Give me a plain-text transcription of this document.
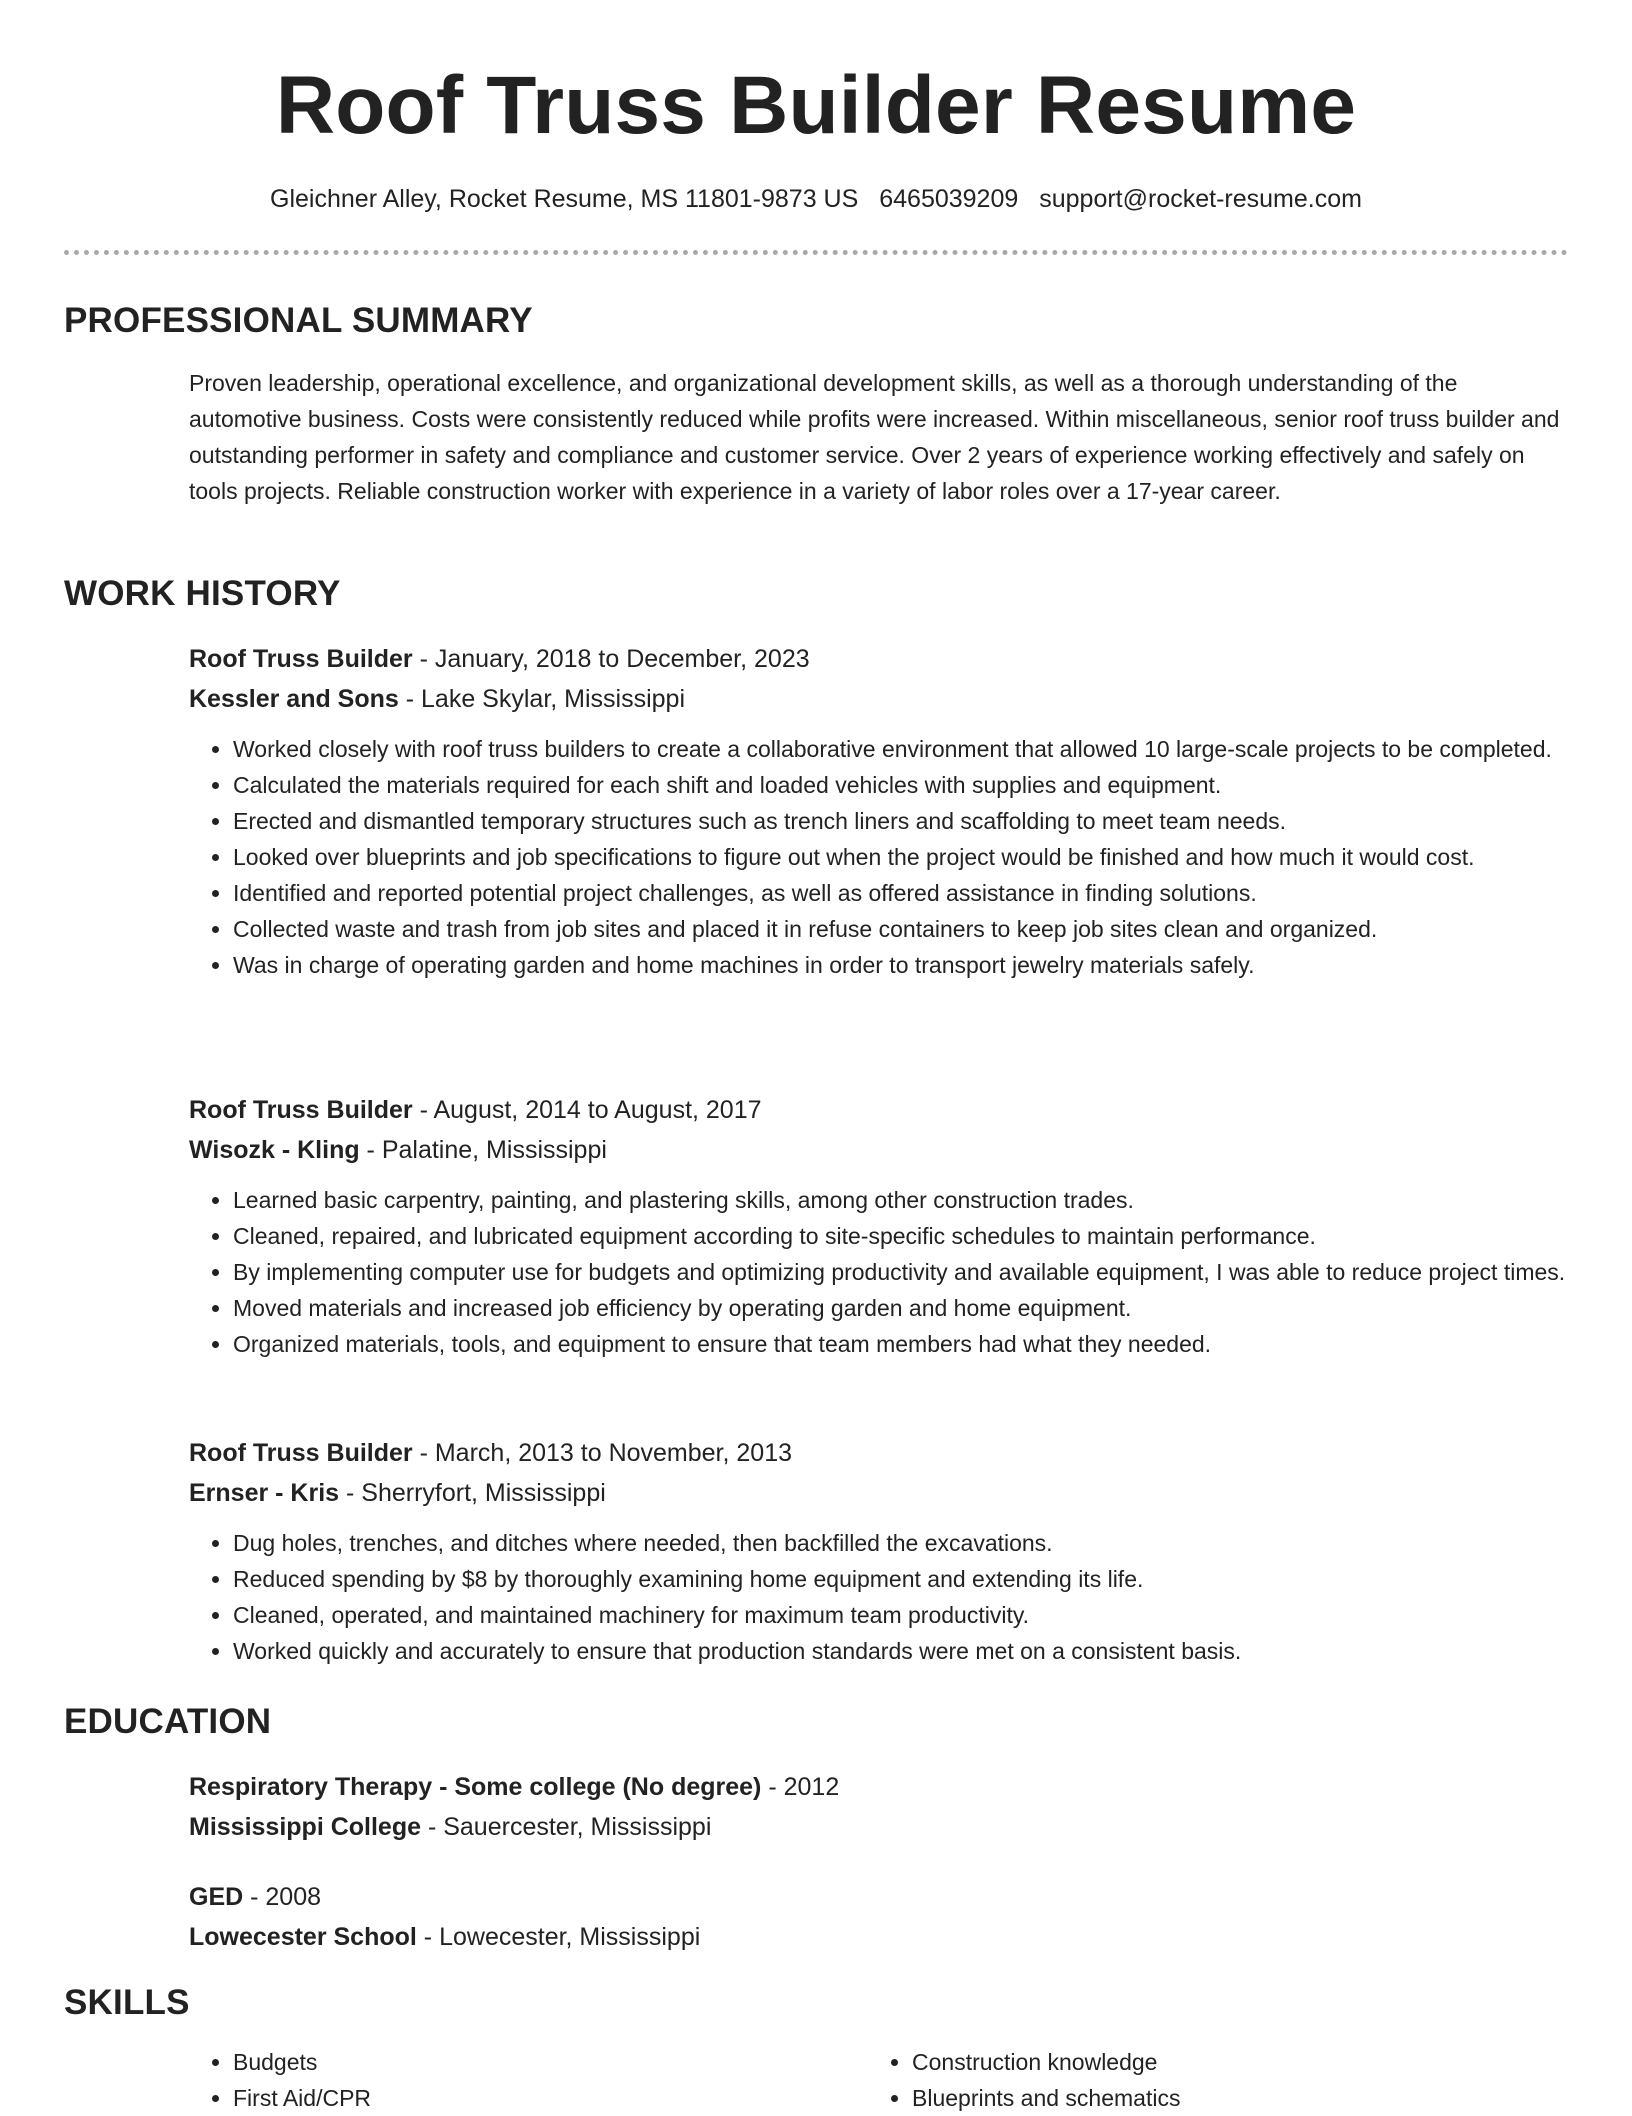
Roof Truss Builder Resume
Gleichner Alley, Rocket Resume, MS 11801-9873 US 6465039209 support@rocket-resume.com
PROFESSIONAL SUMMARY

Proven leadership, operational excellence, and organizational development skills, as well as a thorough understanding of the automotive business. Costs were consistently reduced while profits were increased. Within miscellaneous, senior roof truss builder and outstanding performer in safety and compliance and customer service. Over 2 years of experience working effectively and safely on tools projects. Reliable construction worker with experience in a variety of labor roles over a 17-year career.

WORK HISTORY
Roof Truss Builder - January, 2018 to December, 2023
Kessler and Sons - Lake Skylar, Mississippi
• Worked closely with roof truss builders to create a collaborative environment that allowed 10 large-scale projects to be completed.
• Calculated the materials required for each shift and loaded vehicles with supplies and equipment.
• Erected and dismantled temporary structures such as trench liners and scaffolding to meet team needs.
• Looked over blueprints and job specifications to figure out when the project would be finished and how much it would cost.
• Identified and reported potential project challenges, as well as offered assistance in finding solutions.
• Collected waste and trash from job sites and placed it in refuse containers to keep job sites clean and organized.
• Was in charge of operating garden and home machines in order to transport jewelry materials safely.
Roof Truss Builder - August, 2014 to August, 2017
Wisozk - Kling - Palatine, Mississippi
• Learned basic carpentry, painting, and plastering skills, among other construction trades.
• Cleaned, repaired, and lubricated equipment according to site-specific schedules to maintain performance.
• By implementing computer use for budgets and optimizing productivity and available equipment, I was able to reduce project times.
• Moved materials and increased job efficiency by operating garden and home equipment.
• Organized materials, tools, and equipment to ensure that team members had what they needed.
Roof Truss Builder - March, 2013 to November, 2013
Ernser - Kris - Sherryfort, Mississippi
• Dug holes, trenches, and ditches where needed, then backfilled the excavations.
• Reduced spending by $8 by thoroughly examining home equipment and extending its life.
• Cleaned, operated, and maintained machinery for maximum team productivity.
• Worked quickly and accurately to ensure that production standards were met on a consistent basis.
EDUCATION
Respiratory Therapy - Some college (No degree) - 2012
Mississippi College - Sauercester, Mississippi
GED - 2008
Lowecester School - Lowecester, Mississippi
SKILLS
• Budgets
• First Aid/CPR
• Construction knowledge
• Blueprints and schematics
